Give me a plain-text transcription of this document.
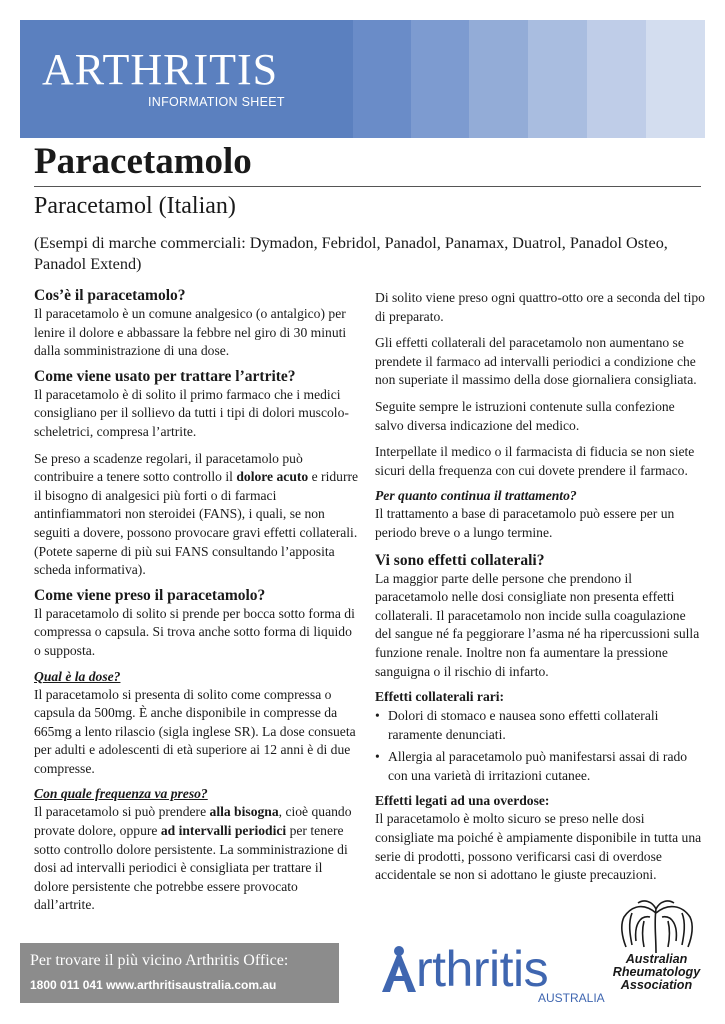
ARTHRITIS
INFORMATION SHEET
Paracetamolo
Paracetamol (Italian)
(Esempi di marche commerciali: Dymadon, Febridol, Panadol, Panamax, Duatrol, Panadol Osteo, Panadol Extend)
Cos’è il paracetamolo?

Il paracetamolo è un comune analgesico (o antalgico) per lenire il dolore e abbassare la febbre nel giro di 30 minuti dalla somministrazione di una dose.

Come viene usato per trattare l’artrite?

Il paracetamolo è di solito il primo farmaco che i medici consigliano per il sollievo da tutti i tipi di dolori muscolo-scheletrici, compresa l’artrite.

Se preso a scadenze regolari, il paracetamolo può contribuire a tenere sotto controllo il dolore acuto e ridurre il bisogno di analgesici più forti o di farmaci antinfiammatori non steroidei (FANS), i quali, se non seguiti a dovere, possono provocare gravi effetti collaterali. (Potete saperne di più sui FANS consultando l’apposita scheda informativa).

Come viene preso il paracetamolo?

Il paracetamolo di solito si prende per bocca sotto forma di compressa o capsula. Si trova anche sotto forma di liquido o supposta.

Qual è la dose?

Il paracetamolo si presenta di solito come compressa o capsula da 500mg. È anche disponibile in compresse da 665mg a lento rilascio (sigla inglese SR). La dose consueta per adulti e adolescenti di età superiore ai 12 anni è di due compresse.

Con quale frequenza va preso?

Il paracetamolo si può prendere alla bisogna, cioè quando provate dolore, oppure ad intervalli periodici per tenere sotto controllo dolore persistente. La somministrazione di dosi ad intervalli periodici è consigliata per trattare il dolore persistente che potrebbe essere provocato dall’artrite.

Di solito viene preso ogni quattro-otto ore a seconda del tipo di preparato.

Gli effetti collaterali del paracetamolo non aumentano se prendete il farmaco ad intervalli periodici a condizione che non superiate il massimo della dose giornaliera consigliata.

Seguite sempre le istruzioni contenute sulla confezione salvo diversa indicazione del medico.

Interpellate il medico o il farmacista di fiducia se non siete sicuri della frequenza con cui dovete prendere il farmaco.

Per quanto continua il trattamento?

Il trattamento a base di paracetamolo può essere per un periodo breve o a lungo termine.

Vi sono effetti collaterali?

La maggior parte delle persone che prendono il paracetamolo nelle dosi consigliate non presenta effetti collaterali. Il paracetamolo non incide sulla coagulazione del sangue né fa peggiorare l’asma né ha ripercussioni sulla funzione renale. Inoltre non fa aumentare la pressione sanguigna o il rischio di infarto.

Effetti collaterali rari:
• Dolori di stomaco e nausea sono effetti collaterali raramente denunciati.
• Allergia al paracetamolo può manifestarsi assai di rado con una varietà di irritazioni cutanee.
Effetti legati ad una overdose:

Il paracetamolo è molto sicuro se preso nelle dosi consigliate ma poiché è ampiamente disponibile in tutta una serie di prodotti, possono verificarsi casi di overdose accidentale se non si adottano le giuste precauzioni.

Per trovare il più vicino Arthritis Office:
1800 011 041 www.arthritisaustralia.com.au	rthritis
AUSTRALIA
Australian
Rheumatology
Association
